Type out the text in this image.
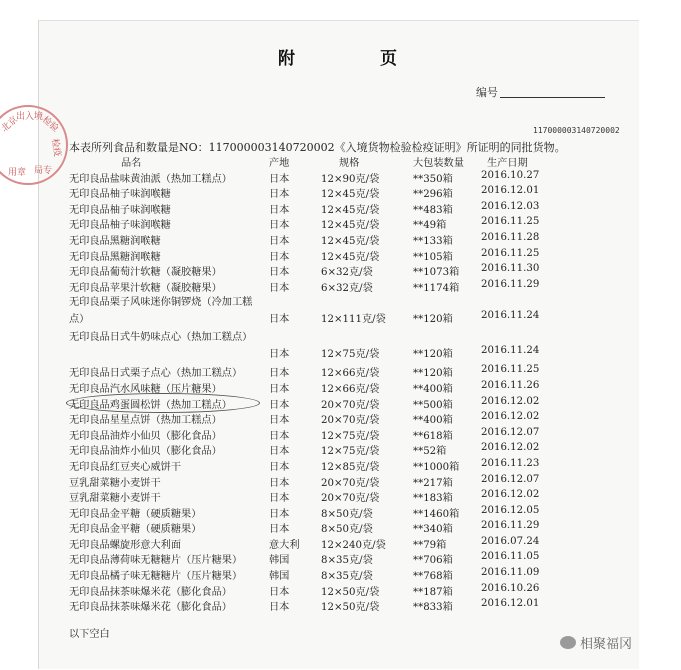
北京
出入境
检验
检疫
局专
用章
附　页
编号
117000003140720002
本表所列食品和数量是NO：117000003140720002《入境货物检验检疫证明》所证明的同批货物。
品名	产地	规格	大包装数量 生产日期
无印良品盐味黄油派（热加工糕点）	日本	12×90克/袋	**350箱	2016.10.27
无印良品柚子味润喉糖	日本	12×45克/袋	**296箱	2016.12.01
无印良品柚子味润喉糖	日本	12×45克/袋	**483箱	2016.12.03
无印良品柚子味润喉糖	日本	12×45克/袋	**49箱	2016.11.25
无印良品黑糖润喉糖	日本	12×45克/袋	**133箱	2016.11.28
无印良品黑糖润喉糖	日本	12×45克/袋	**105箱	2016.11.25
无印良品葡萄汁软糖（凝胶糖果）	日本	6×32克/袋	**1073箱 2016.11.30
无印良品苹果汁软糖（凝胶糖果）	日本	6×32克/袋	**1174箱 2016.11.29
无印良品栗子风味迷你铜锣烧（冷加工糕点）	日本	12×111克/袋	**120箱	2016.11.24
无印良品日式牛奶味点心（热加工糕点）
日本	12×75克/袋	**120箱	2016.11.24
无印良品日式栗子点心（热加工糕点）	日本	12×66克/袋	**120箱	2016.11.25
无印良品汽水风味糖（压片糖果）	日本	12×66克/袋	**400箱	2016.11.26
无印良品鸡蛋圆松饼（热加工糕点）	日本	20×70克/袋	**500箱	2016.12.02
无印良品星星点饼（热加工糕点）	日本	20×70克/袋	**400箱	2016.12.02
无印良品油炸小仙贝（膨化食品）	日本	12×75克/袋	**618箱	2016.12.07
无印良品油炸小仙贝（膨化食品）	日本	12×75克/袋	**52箱	2016.12.02
无印良品红豆夹心威饼干	日本	12×85克/袋	**1000箱 2016.11.23
豆乳甜菜糖小麦饼干	日本	20×70克/袋	**217箱	2016.12.07
豆乳甜菜糖小麦饼干	日本	20×70克/袋	**183箱	2016.12.02
无印良品金平糖（硬质糖果）	日本	8×50克/袋	**1460箱 2016.12.05
无印良品金平糖（硬质糖果）	日本	8×50克/袋	**340箱	2016.11.29
无印良品螺旋形意大利面	意大利 12×240克/袋	**79箱	2016.07.24
无印良品薄荷味无糖糖片（压片糖果）	韩国	8×35克/袋	**706箱	2016.11.05
无印良品橘子味无糖糖片（压片糖果）	韩国	8×35克/袋	**768箱	2016.11.09
无印良品抹茶味爆米花（膨化食品）	日本	12×50克/袋	**187箱	2016.10.26
无印良品抹茶味爆米花（膨化食品）	日本	12×50克/袋	**833箱	2016.12.01
以下空白
相聚福冈
